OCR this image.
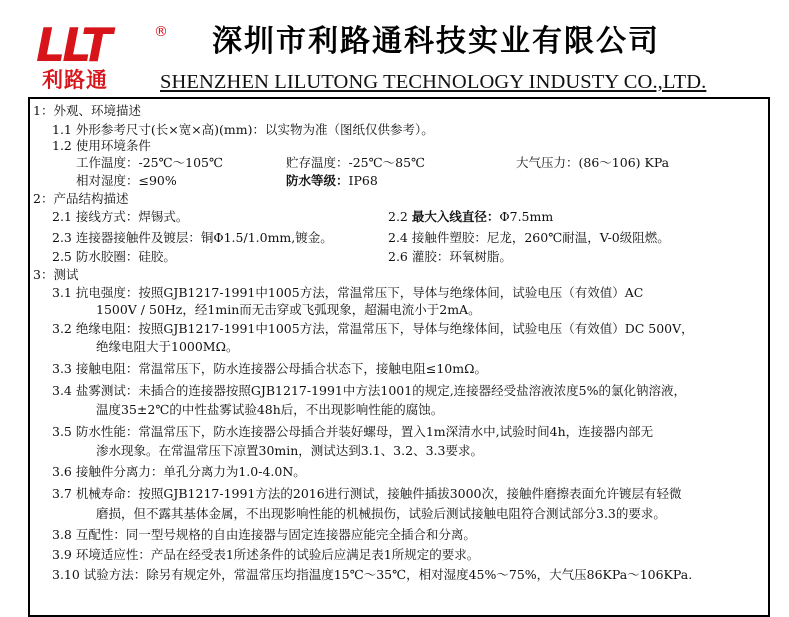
LLT	®
利路通
深圳市利路通科技实业有限公司
SHENZHEN LILUTONG TECHNOLOGY INDUSTY CO.,LTD.
1：外观、环境描述
1.1 外形参考尺寸(长×宽×高)(mm)：以实物为准（图纸仅供参考）。
1.2 使用环境条件
工作温度：-25℃～105℃	贮存温度：-25℃～85℃	大气压力：(86～106) KPa
相对湿度：≤90%	防水等级：IP68
2：产品结构描述
2.1 接线方式：焊锡式。	2.2 最大入线直径：Φ7.5mm
2.3 连接器接触件及镀层：铜Φ1.5/1.0mm,镀金。	2.4 接触件塑胶：尼龙，260℃耐温，V-0级阻燃。
2.5 防水胶圈：硅胶。	2.6 灌胶：环氧树脂。
3：测试
3.1 抗电强度：按照GJB1217-1991中1005方法，常温常压下，导体与绝缘体间，试验电压（有效值）AC
1500V / 50Hz，经1min而无击穿或飞弧现象，超漏电流小于2mA。
3.2 绝缘电阻：按照GJB1217-1991中1005方法，常温常压下，导体与绝缘体间，试验电压（有效值）DC 500V，
绝缘电阻大于1000MΩ。
3.3 接触电阻：常温常压下，防水连接器公母插合状态下，接触电阻≤10mΩ。
3.4 盐雾测试：未插合的连接器按照GJB1217-1991中方法1001的规定,连接器经受盐溶液浓度5%的氯化钠溶液，
温度35±2℃的中性盐雾试验48h后，不出现影响性能的腐蚀。
3.5 防水性能：常温常压下，防水连接器公母插合并装好螺母，置入1m深清水中,试验时间4h，连接器内部无
渗水现象。在常温常压下凉置30min，测试达到3.1、3.2、3.3要求。
3.6 接触件分离力：单孔分离力为1.0-4.0N。
3.7 机械寿命：按照GJB1217-1991方法的2016进行测试，接触件插拔3000次，接触件磨擦表面允许镀层有轻微
磨损，但不露其基体金属，不出现影响性能的机械损伤，试验后测试接触电阻符合测试部分3.3的要求。
3.8 互配性：同一型号规格的自由连接器与固定连接器应能完全插合和分离。
3.9 环境适应性：产品在经受表1所述条件的试验后应满足表1所规定的要求。
3.10 试验方法：除另有规定外，常温常压均指温度15℃～35℃，相对湿度45%～75%，大气压86KPa～106KPa.
